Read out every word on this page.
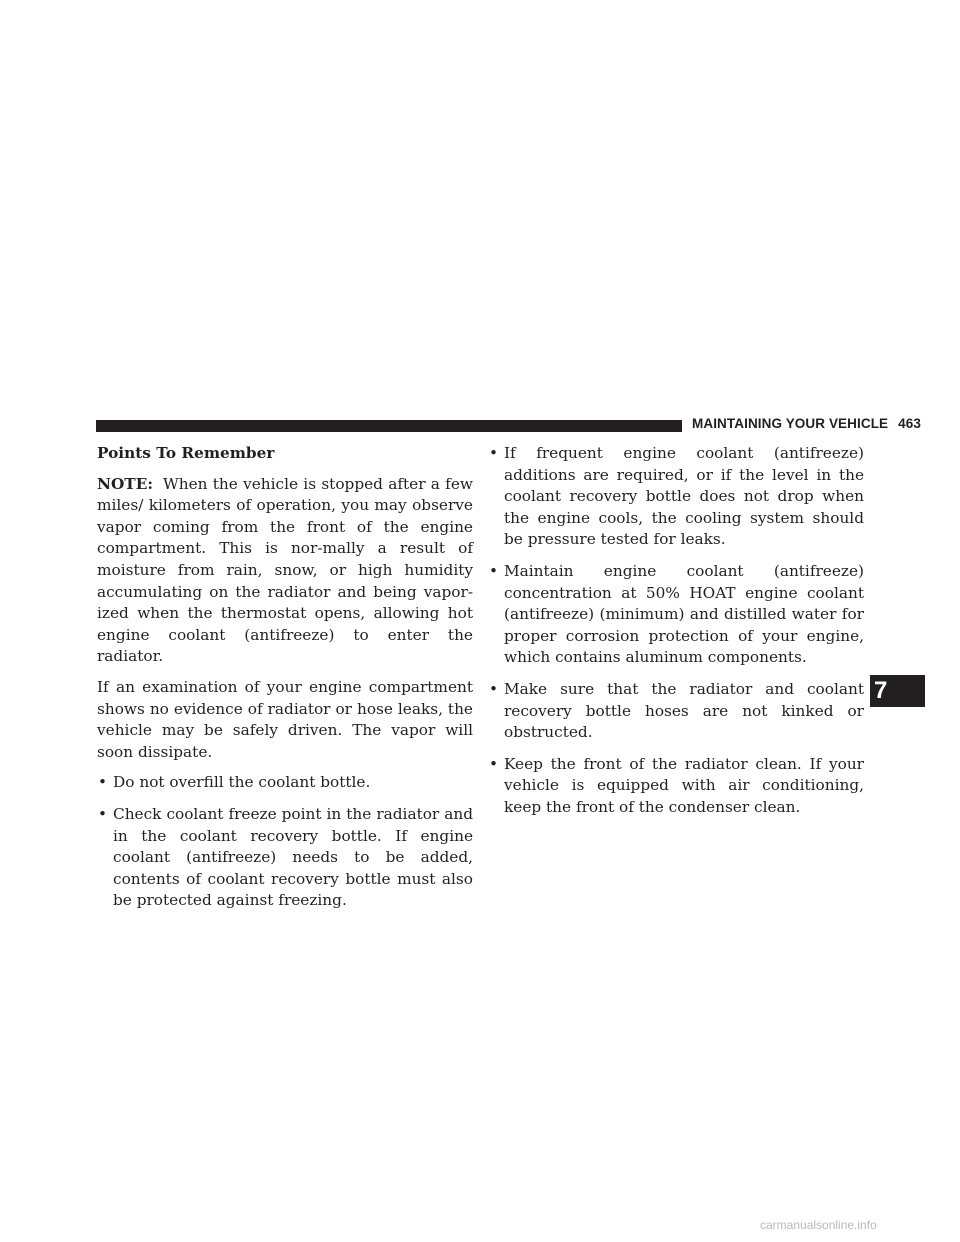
MAINTAINING YOUR VEHICLE 463
Points To Remember

NOTE: When the vehicle is stopped after a few miles/ kilometers of operation, you may observe vapor coming from the front of the engine compartment. This is nor-mally a result of moisture from rain, snow, or high humidity accumulating on the radiator and being vapor-ized when the thermostat opens, allowing hot engine coolant (antifreeze) to enter the radiator.

If an examination of your engine compartment shows no evidence of radiator or hose leaks, the vehicle may be safely driven. The vapor will soon dissipate.

• Do not overfill the coolant bottle.
• Check coolant freeze point in the radiator and in the coolant recovery bottle. If engine coolant (antifreeze) needs to be added, contents of coolant recovery bottle must also be protected against freezing.
• If frequent engine coolant (antifreeze) additions are required, or if the level in the coolant recovery bottle does not drop when the engine cools, the cooling system should be pressure tested for leaks.
• Maintain engine coolant (antifreeze) concentration at 50% HOAT engine coolant (antifreeze) (minimum) and distilled water for proper corrosion protection of your engine, which contains aluminum components.
• Make sure that the radiator and coolant recovery bottle hoses are not kinked or obstructed.
• Keep the front of the radiator clean. If your vehicle is equipped with air conditioning, keep the front of the condenser clean.
7
carmanualsonline.info
